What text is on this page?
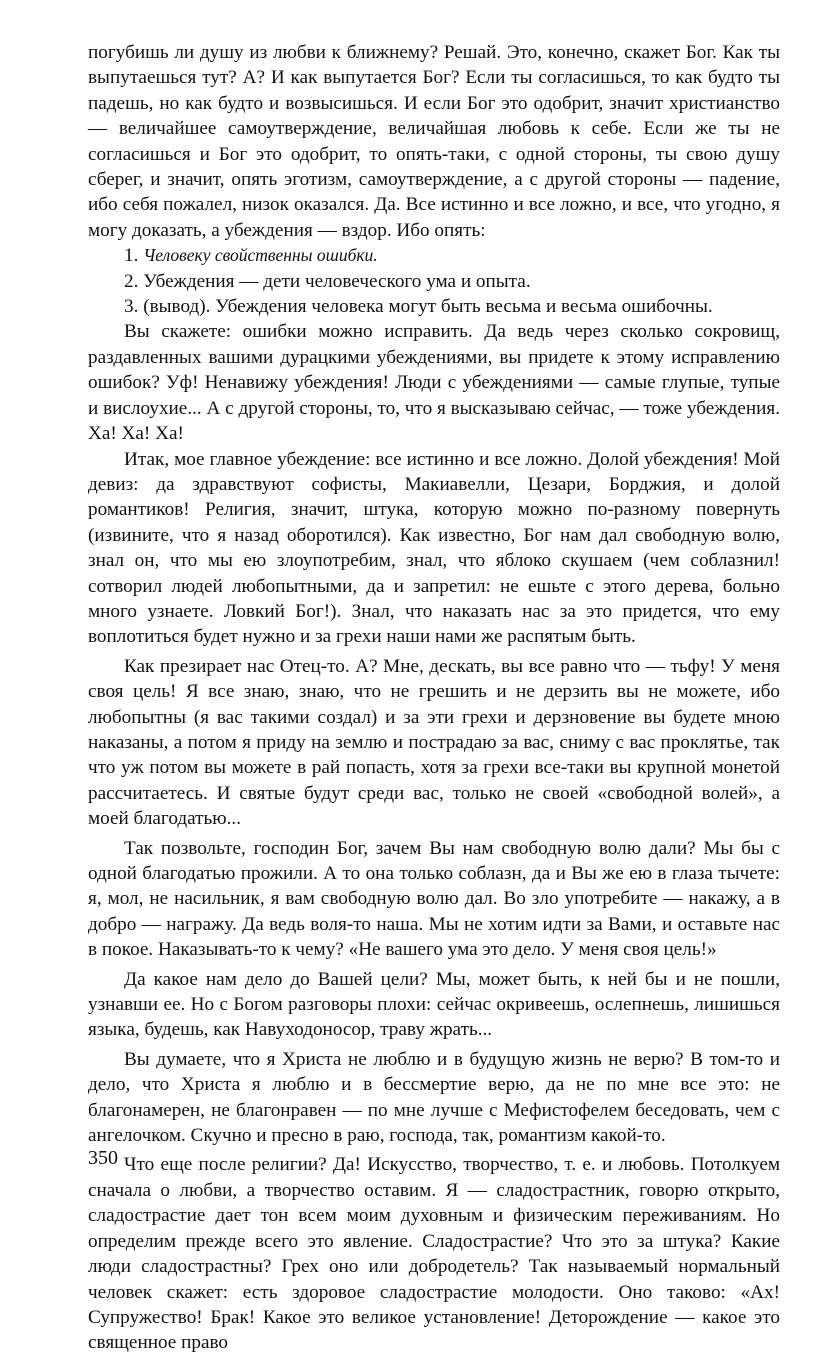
погубишь ли душу из любви к ближнему? Решай. Это, конечно, скажет Бог. Как ты выпутаешься тут? А? И как выпутается Бог? Если ты согласишься, то как будто ты падешь, но как будто и возвысишься. И если Бог это одобрит, значит христианство — величайшее самоутверждение, величайшая любовь к себе. Если же ты не согласишься и Бог это одобрит, то опять-таки, с одной стороны, ты свою душу сберег, и значит, опять эготизм, самоутверждение, а с другой стороны — падение, ибо себя пожалел, низок оказался. Да. Все истинно и все ложно, и все, что угодно, я могу доказать, а убеждения — вздор. Ибо опять:

1. Человеку свойственны ошибки.

2. Убеждения — дети человеческого ума и опыта.

3. (вывод). Убеждения человека могут быть весьма и весьма ошибочны.

Вы скажете: ошибки можно исправить. Да ведь через сколько сокровищ, раздавленных вашими дурацкими убеждениями, вы придете к этому исправлению ошибок? Уф! Ненавижу убеждения! Люди с убеждениями — самые глупые, тупые и вислоухие... А с другой стороны, то, что я высказываю сейчас, — тоже убеждения. Ха! Ха! Ха!

Итак, мое главное убеждение: все истинно и все ложно. Долой убеждения! Мой девиз: да здравствуют софисты, Макиавелли, Цезари, Борджия, и долой романтиков! Религия, значит, штука, которую можно по-разному повернуть (извините, что я назад оборотился). Как известно, Бог нам дал свободную волю, знал он, что мы ею злоупотребим, знал, что яблоко скушаем (чем соблазнил! сотворил людей любопытными, да и запретил: не ешьте с этого дерева, больно много узнаете. Ловкий Бог!). Знал, что наказать нас за это придется, что ему воплотиться будет нужно и за грехи наши нами же распятым быть.

Как презирает нас Отец-то. А? Мне, дескать, вы все равно что — тьфу! У меня своя цель! Я все знаю, знаю, что не грешить и не дерзить вы не можете, ибо любопытны (я вас такими создал) и за эти грехи и дерзновение вы будете мною наказаны, а потом я приду на землю и пострадаю за вас, сниму с вас проклятье, так что уж потом вы можете в рай попасть, хотя за грехи все-таки вы крупной монетой рассчитаетесь. И святые будут среди вас, только не своей «свободной волей», а моей благодатью...

Так позвольте, господин Бог, зачем Вы нам свободную волю дали? Мы бы с одной благодатью прожили. А то она только соблазн, да и Вы же ею в глаза тычете: я, мол, не насильник, я вам свободную волю дал. Во зло употребите — накажу, а в добро — награжу. Да ведь воля-то наша. Мы не хотим идти за Вами, и оставьте нас в покое. Наказывать-то к чему? «Не вашего ума это дело. У меня своя цель!»

Да какое нам дело до Вашей цели? Мы, может быть, к ней бы и не пошли, узнавши ее. Но с Богом разговоры плохи: сейчас окривеешь, ослепнешь, лишишься языка, будешь, как Навуходоносор, траву жрать...

Вы думаете, что я Христа не люблю и в будущую жизнь не верю? В том-то и дело, что Христа я люблю и в бессмертие верю, да не по мне все это: не благонамерен, не благонравен — по мне лучше с Мефистофелем беседовать, чем с ангелочком. Скучно и пресно в раю, господа, так, романтизм какой-то.

Что еще после религии? Да! Искусство, творчество, т. е. и любовь. Потолкуем сначала о любви, а творчество оставим. Я — сладострастник, говорю открыто, сладострастие дает тон всем моим духовным и физическим переживаниям. Но определим прежде всего это явление. Сладострастие? Что это за штука? Какие люди сладострастны? Грех оно или добродетель? Так называемый нормальный человек скажет: есть здоровое сладострастие молодости. Оно таково: «Ах! Супружество! Брак! Какое это великое установление! Деторождение — какое это священное право

350
